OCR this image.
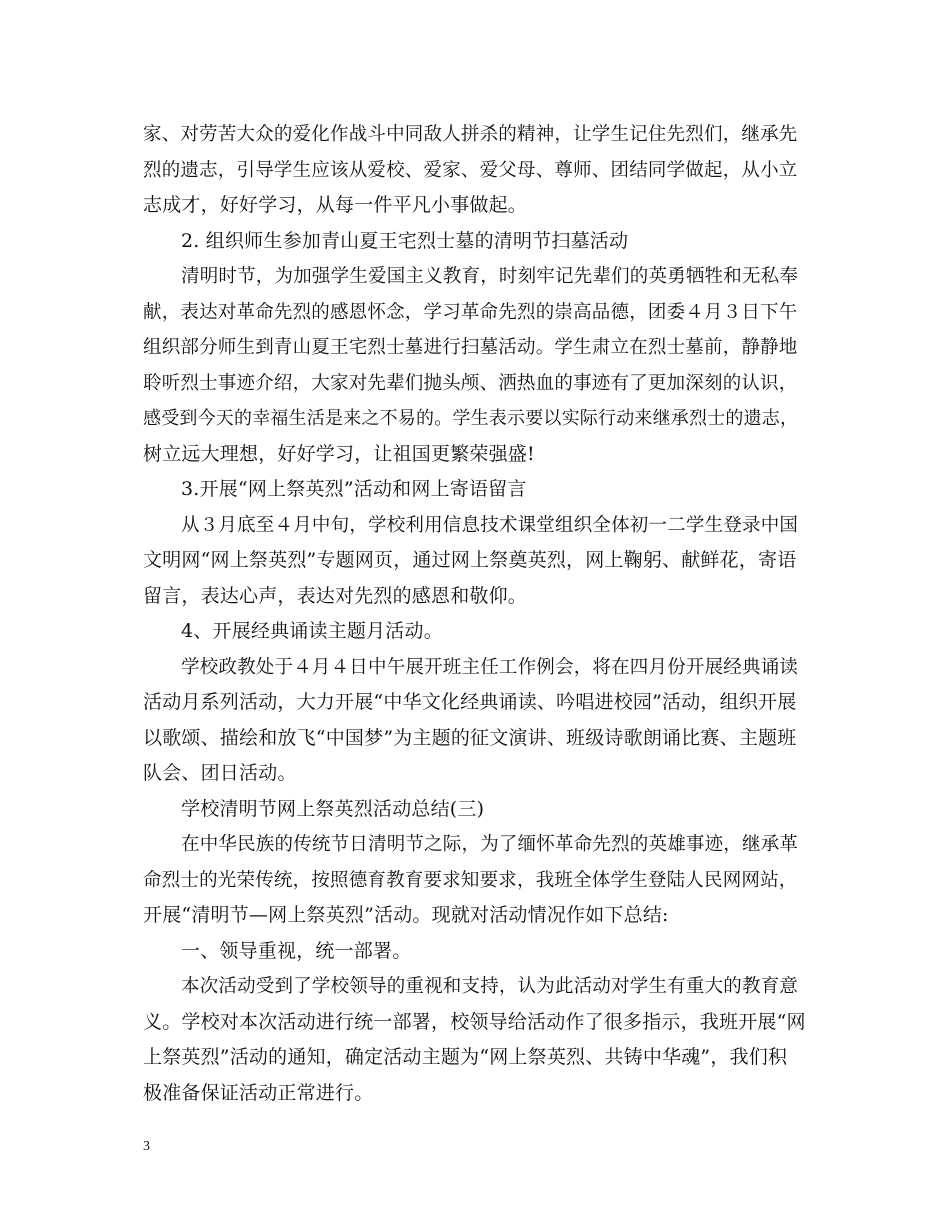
家、对劳苦大众的爱化作战斗中同敌人拼杀的精神，让学生记住先烈们，继承先
烈的遗志，引导学生应该从爱校、爱家、爱父母、尊师、团结同学做起，从小立
志成才，好好学习，从每一件平凡小事做起。
2. 组织师生参加青山夏王宅烈士墓的清明节扫墓活动
清明时节，为加强学生爱国主义教育，时刻牢记先辈们的英勇牺牲和无私奉
献，表达对革命先烈的感恩怀念，学习革命先烈的崇高品德，团委４月３日下午
组织部分师生到青山夏王宅烈士墓进行扫墓活动。学生肃立在烈士墓前，静静地
聆听烈士事迹介绍，大家对先辈们抛头颅、洒热血的事迹有了更加深刻的认识，
感受到今天的幸福生活是来之不易的。学生表示要以实际行动来继承烈士的遗志，
树立远大理想，好好学习，让祖国更繁荣强盛!
3.开展“网上祭英烈”活动和网上寄语留言
从３月底至４月中旬，学校利用信息技术课堂组织全体初一二学生登录中国
文明网“网上祭英烈”专题网页，通过网上祭奠英烈，网上鞠躬、献鲜花，寄语
留言，表达心声，表达对先烈的感恩和敬仰。
4、开展经典诵读主题月活动。
学校政教处于４月４日中午展开班主任工作例会，将在四月份开展经典诵读
活动月系列活动，大力开展“中华文化经典诵读、吟唱进校园”活动，组织开展
以歌颂、描绘和放飞“中国梦”为主题的征文演讲、班级诗歌朗诵比赛、主题班
队会、团日活动。
学校清明节网上祭英烈活动总结(三)
在中华民族的传统节日清明节之际，为了缅怀革命先烈的英雄事迹，继承革
命烈士的光荣传统，按照德育教育要求知要求，我班全体学生登陆人民网网站，
开展“清明节—网上祭英烈”活动。现就对活动情况作如下总结:
一、领导重视，统一部署。
本次活动受到了学校领导的重视和支持，认为此活动对学生有重大的教育意
义。学校对本次活动进行统一部署，校领导给活动作了很多指示，我班开展“网
上祭英烈”活动的通知，确定活动主题为“网上祭英烈、共铸中华魂”，我们积
极准备保证活动正常进行。
3
